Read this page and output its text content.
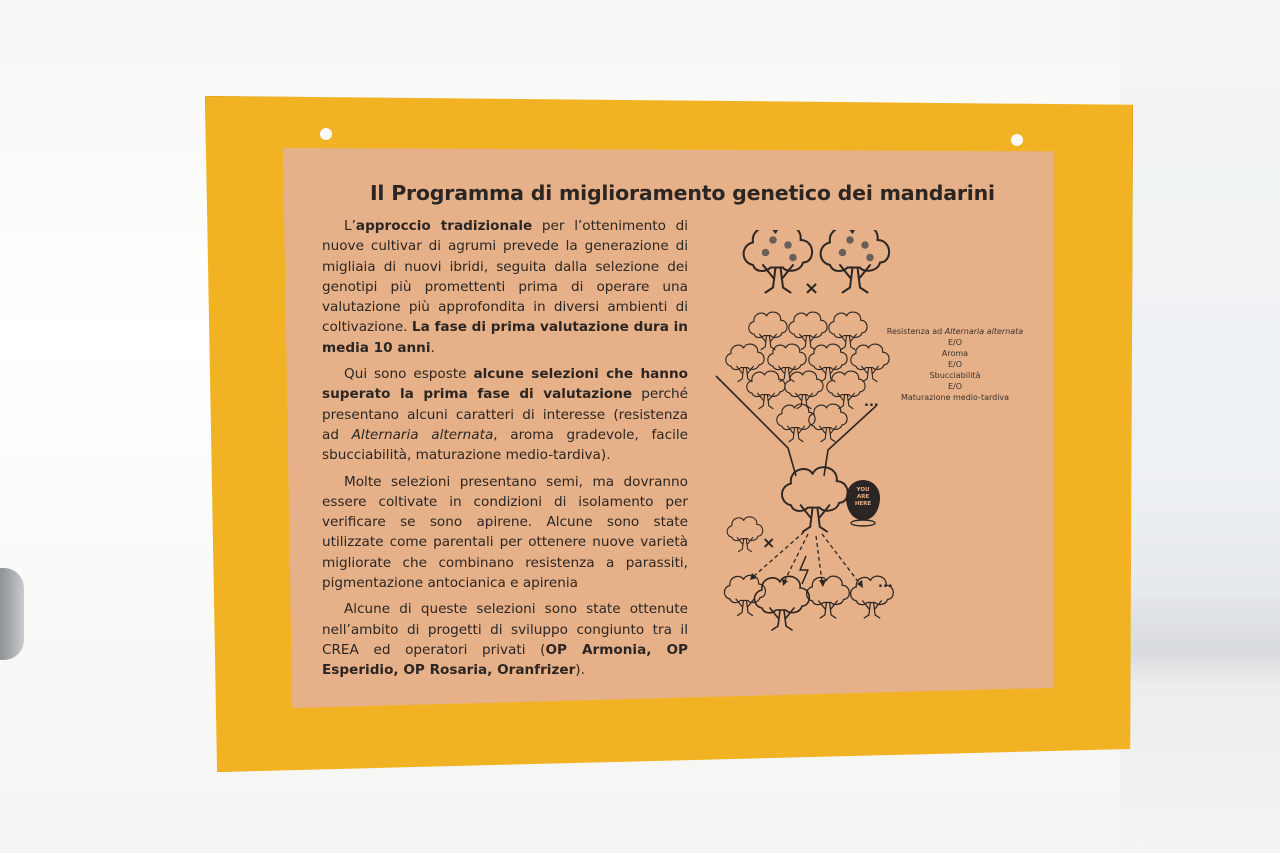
Il Programma di miglioramento genetico dei mandarini

L’approccio tradizionale per l’ottenimento di nuove cultivar di agrumi prevede la generazione di migliaia di nuovi ibridi, seguita dalla selezione dei genotipi più promettenti prima di operare una valutazione più approfondita in diversi ambienti di coltivazione. La fase di prima valutazione dura in media 10 anni.

Qui sono esposte alcune selezioni che hanno superato la prima fase di valutazione perché presentano alcuni caratteri di interesse (resistenza ad Alternaria alternata, aroma gradevole, facile sbucciabilità, maturazione medio-tardiva).

Molte selezioni presentano semi, ma dovranno essere coltivate in condizioni di isolamento per verificare se sono apirene. Alcune sono state utilizzate come parentali per ottenere nuove varietà migliorate che combinano resistenza a parassiti, pigmentazione antocianica e apirenia

Alcune di queste selezioni sono state ottenute nell’ambito di progetti di sviluppo congiunto tra il CREA ed operatori privati (OP Armonia, OP Esperidio, OP Rosaria, Oranfrizer).

×
...
YOU
ARE
HERE
×
...
Resistenza ad Alternaria alternata
E/O
Aroma
E/O
Sbucciabilità
E/O
Maturazione medio-tardiva
